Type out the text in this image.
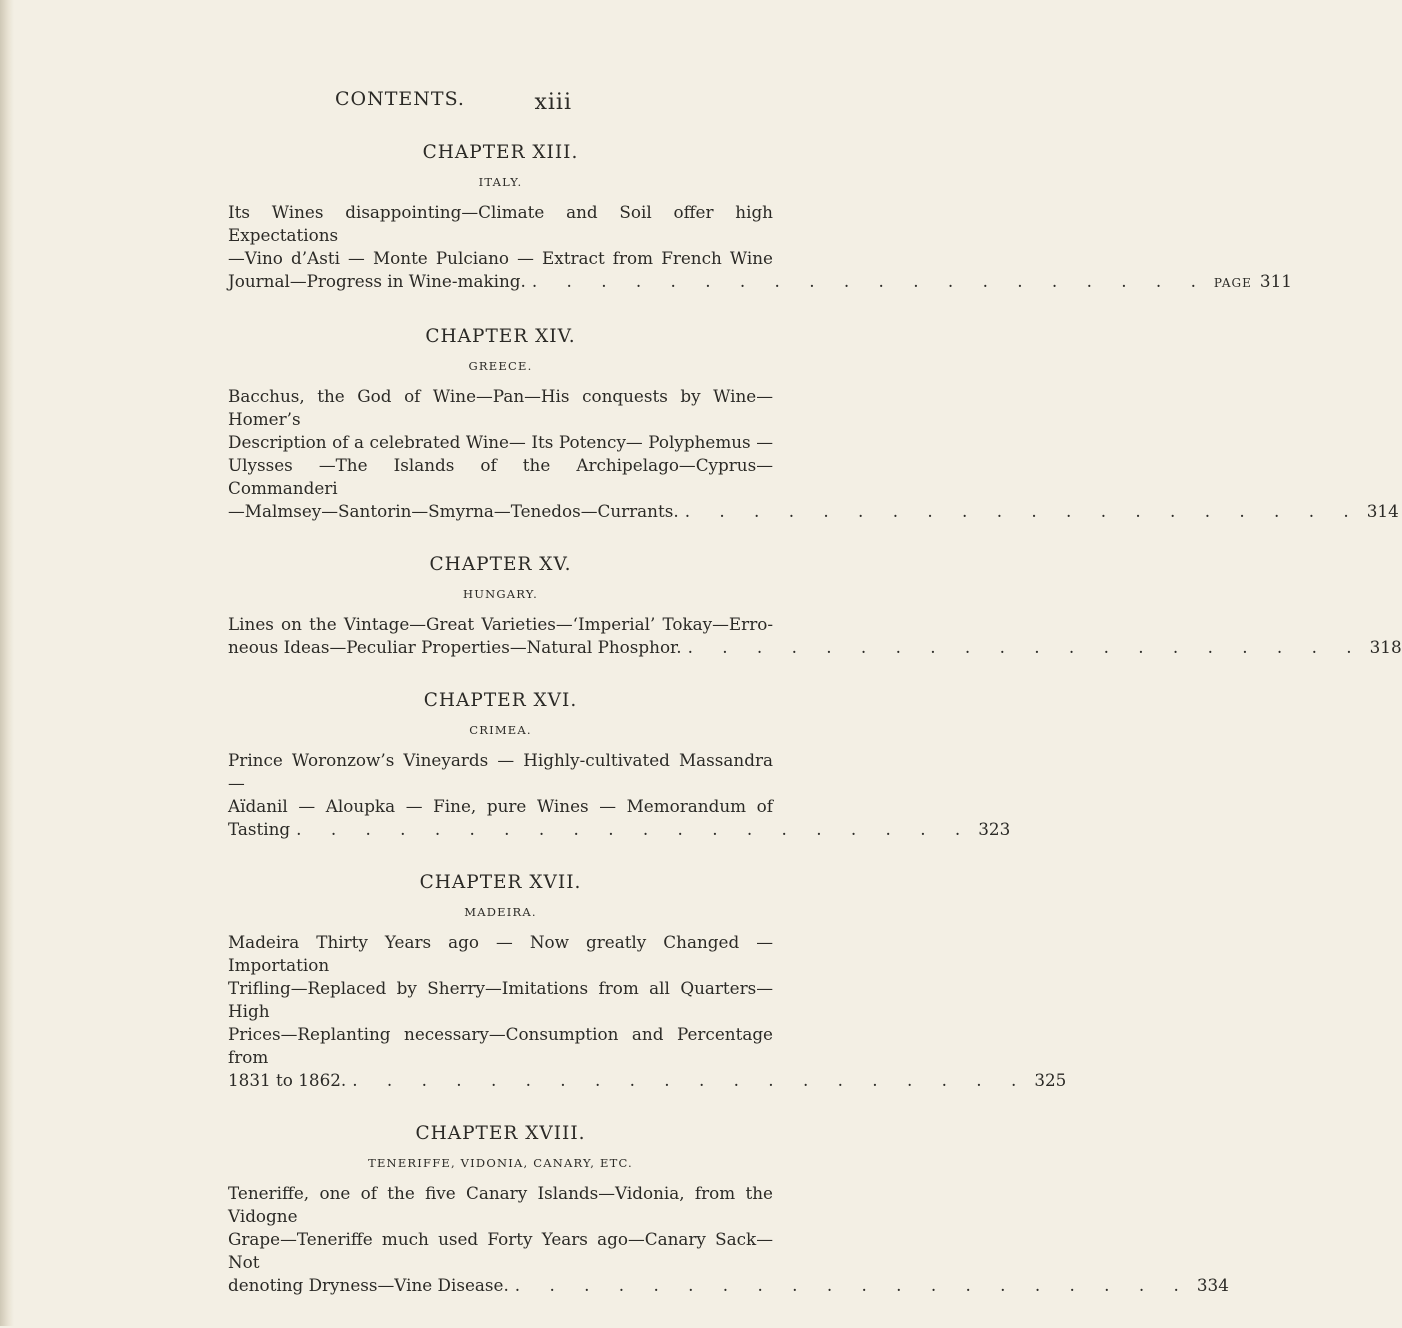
CONTENTS.	xiii
CHAPTER XIII.
ITALY.

Its Wines disappointing—Climate and Soil offer high Expectations

—Vino d’Asti — Monte Pulciano — Extract from French Wine

Journal—Progress in Wine-making. . . . . . . . . . . . . . . . . . . . . PAGE 311
CHAPTER XIV.
GREECE.

Bacchus, the God of Wine—Pan—His conquests by Wine—Homer’s

Description of a celebrated Wine— Its Potency— Polyphemus —

Ulysses —The Islands of the Archipelago—Cyprus—Commanderi

—Malmsey—Santorin—Smyrna—Tenedos—Currants. . . . . . . . . . . . . . . . . . . . . 314
CHAPTER XV.
HUNGARY.

Lines on the Vintage—Great Varieties—‘Imperial’ Tokay—Erro-

neous Ideas—Peculiar Properties—Natural Phosphor. . . . . . . . . . . . . . . . . . . . . 318
CHAPTER XVI.
CRIMEA.

Prince Woronzow’s Vineyards — Highly-cultivated Massandra —

Aïdanil — Aloupka — Fine, pure Wines — Memorandum of

Tasting . . . . . . . . . . . . . . . . . . . . 323
CHAPTER XVII.
MADEIRA.

Madeira Thirty Years ago — Now greatly Changed — Importation

Trifling—Replaced by Sherry—Imitations from all Quarters—High

Prices—Replanting necessary—Consumption and Percentage from

1831 to 1862. . . . . . . . . . . . . . . . . . . . . 325
CHAPTER XVIII.
TENERIFFE, VIDONIA, CANARY, ETC.

Teneriffe, one of the five Canary Islands—Vidonia, from the Vidogne

Grape—Teneriffe much used Forty Years ago—Canary Sack—Not

denoting Dryness—Vine Disease. . . . . . . . . . . . . . . . . . . . . 334
